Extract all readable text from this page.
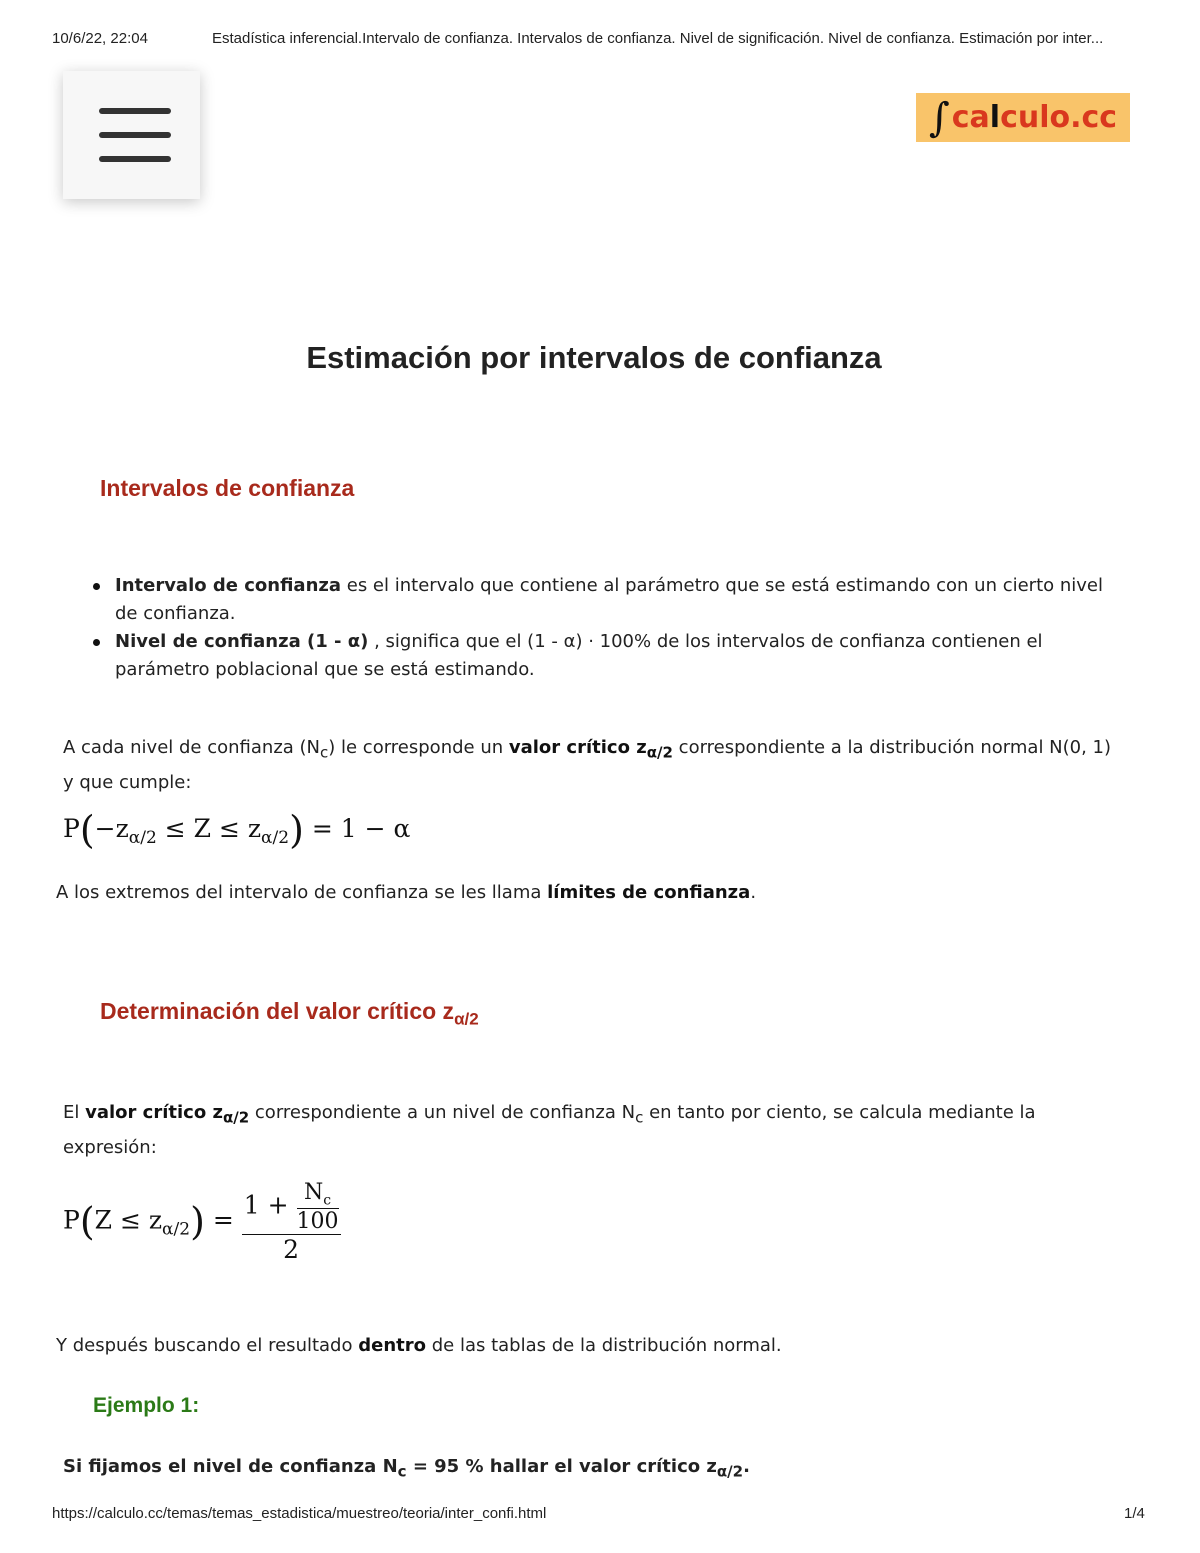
10/6/22, 22:04	Estadística inferencial.Intervalo de confianza. Intervalos de confianza. Nivel de significación. Nivel de confianza. Estimación por inter...
∫ ca l culo.cc
Estimación por intervalos de confianza
Intervalos de confianza
Intervalo de confianza es el intervalo que contiene al parámetro que se está estimando con un cierto nivel de confianza.
Nivel de confianza (1 - α) , significa que el (1 - α) · 100% de los intervalos de confianza contienen el parámetro poblacional que se está estimando.
A cada nivel de confianza $(N_c)$ le corresponde un valor crítico $z_{\alpha/2}$ correspondiente a la distribución normal N(0, 1) y que cumple:
$P(-z_{\alpha/2} \le Z \le z_{\alpha/2}) = 1 - \alpha$
A los extremos del intervalo de confianza se les llama límites de confianza.
Determinación del valor crítico $z_{\alpha/2}$
El valor crítico $z_{\alpha/2}$ correspondiente a un nivel de confianza $N_c$ en tanto por ciento, se calcula mediante la expresión:
$P(Z \le z_{\alpha/2}) = \frac{1 + \frac{N_c}{100}}{2}$
Y después buscando el resultado dentro de las tablas de la distribución normal.
Ejemplo 1:
Si fijamos el nivel de confianza $N_c = 95$ % hallar el valor crítico $z_{\alpha/2}$.
https://calculo.cc/temas/temas_estadistica/muestreo/teoria/inter_confi.html	1/4
